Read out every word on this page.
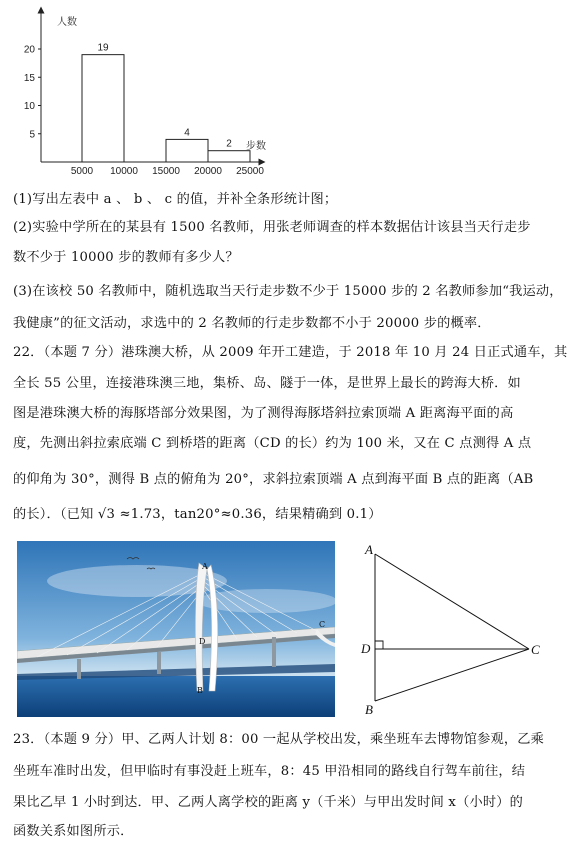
人数
步数
5
10
15
20
5000 10000 15000 20000 25000
19
4
2
(1)写出左表中 a 、 b 、 c 的值，并补全条形统计图；
(2)实验中学所在的某县有 1500 名教师，用张老师调查的样本数据估计该县当天行走步
数不少于 10000 步的教师有多少人？
(3)在该校 50 名教师中，随机选取当天行走步数不少于 15000 步的 2 名教师参加“我运动，
我健康”的征文活动，求选中的 2 名教师的行走步数都不小于 20000 步的概率．
22．（本题 7 分）港珠澳大桥，从 2009 年开工建造，于 2018 年 10 月 24 日正式通车，其
全长 55 公里，连接港珠澳三地，集桥、岛、隧于一体，是世界上最长的跨海大桥．如
图是港珠澳大桥的海豚塔部分效果图，为了测得海豚塔斜拉索顶端 A 距离海平面的高
度，先测出斜拉索底端 C 到桥塔的距离（CD 的长）约为 100 米，又在 C 点测得 A 点
的仰角为 30°，测得 B 点的俯角为 20°，求斜拉索顶端 A 点到海平面 B 点的距离（AB
的长）．（已知 √3 ≈1.73，tan20°≈0.36，结果精确到 0.1）
A
D
C
B
A
D	C
B
23．（本题 9 分）甲、乙两人计划 8：00 一起从学校出发，乘坐班车去博物馆参观，乙乘
坐班车准时出发，但甲临时有事没赶上班车，8：45 甲沿相同的路线自行驾车前往，结
果比乙早 1 小时到达．甲、乙两人离学校的距离 y（千米）与甲出发时间 x（小时）的
函数关系如图所示．
